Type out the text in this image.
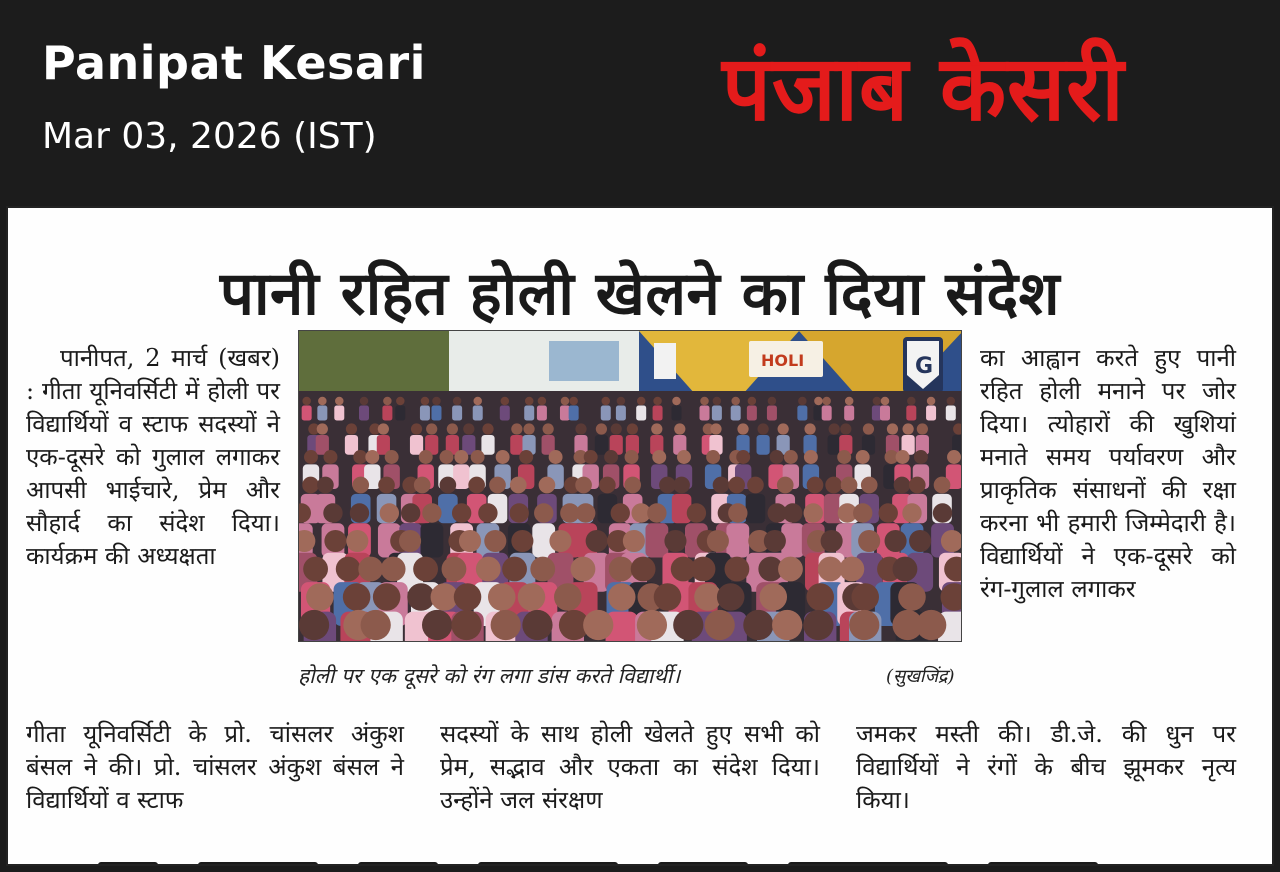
Panipat Kesari
Mar 03, 2026 (IST)	पंजाब केसरी
पानी रहित होली खेलने का दिया संदेश

पानीपत, 2 मार्च (खबर) : गीता यूनिवर्सिटी में होली पर विद्यार्थियों व स्टाफ सदस्यों ने एक-दूसरे को गुलाल लगाकर आपसी भाईचारे, प्रेम और सौहार्द का संदेश दिया। कार्यक्रम की अध्यक्षता

HOLI	G
होली पर एक दूसरे को रंग लगा डांस करते विद्यार्थी।	(सुखजिंद्र)

का आह्वान करते हुए पानी रहित होली मनाने पर जोर दिया। त्योहारों की खुशियां मनाते समय पर्यावरण और प्राकृतिक संसाधनों की रक्षा करना भी हमारी जिम्मेदारी है। विद्यार्थियों ने एक-दूसरे को रंग-गुलाल लगाकर

गीता यूनिवर्सिटी के प्रो. चांसलर अंकुश बंसल ने की। प्रो. चांसलर अंकुश बंसल ने विद्यार्थियों व स्टाफ

सदस्यों के साथ होली खेलते हुए सभी को प्रेम, सद्भाव और एकता का संदेश दिया। उन्होंने जल संरक्षण

जमकर मस्ती की। डी.जे. की धुन पर विद्यार्थियों ने रंगों के बीच झूमकर नृत्य किया।
